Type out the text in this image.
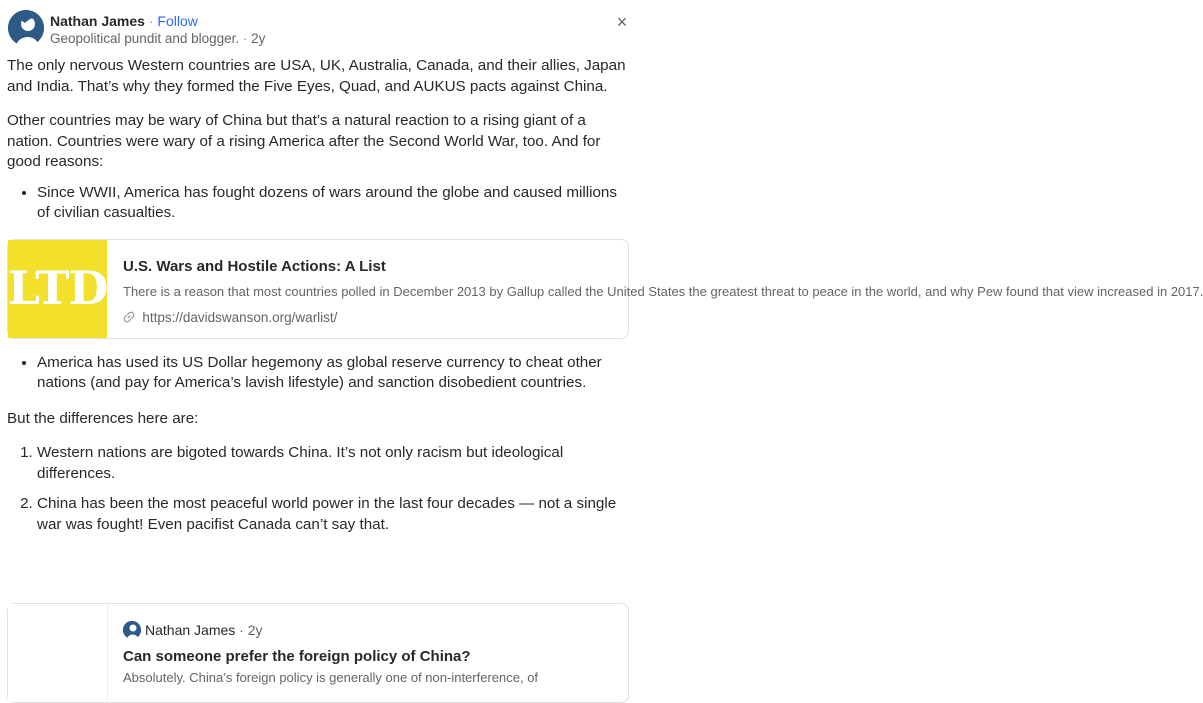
Nathan James · Follow
Geopolitical pundit and blogger. · 2y
×

The only nervous Western countries are USA, UK, Australia, Canada, and their allies, Japan and India. That’s why they formed the Five Eyes, Quad, and AUKUS pacts against China.

Other countries may be wary of China but that’s a natural reaction to a rising giant of a nation. Countries were wary of a rising America after the Second World War, too. And for good reasons:

• Since WWII, America has fought dozens of wars around the globe and caused millions of civilian casualties.
LTD U.S. Wars and Hostile Actions: A List
There is a reason that most countries polled in December 2013 by Gallup called the United States the greatest threat to peace in the world, and why Pew found that view increased in 2017.
https://davidswanson.org/warlist/
• America has used its US Dollar hegemony as global reserve currency to cheat other nations (and pay for America’s lavish lifestyle) and sanction disobedient countries.

But the differences here are:

1. Western nations are bigoted towards China. It’s not only racism but ideological differences.
2. China has been the most peaceful world power in the last four decades — not a single war was fought! Even pacifist Canada can’t say that.
Nathan James · 2y
Can someone prefer the foreign policy of China?
Absolutely. China’s foreign policy is generally one of non-interference, of
